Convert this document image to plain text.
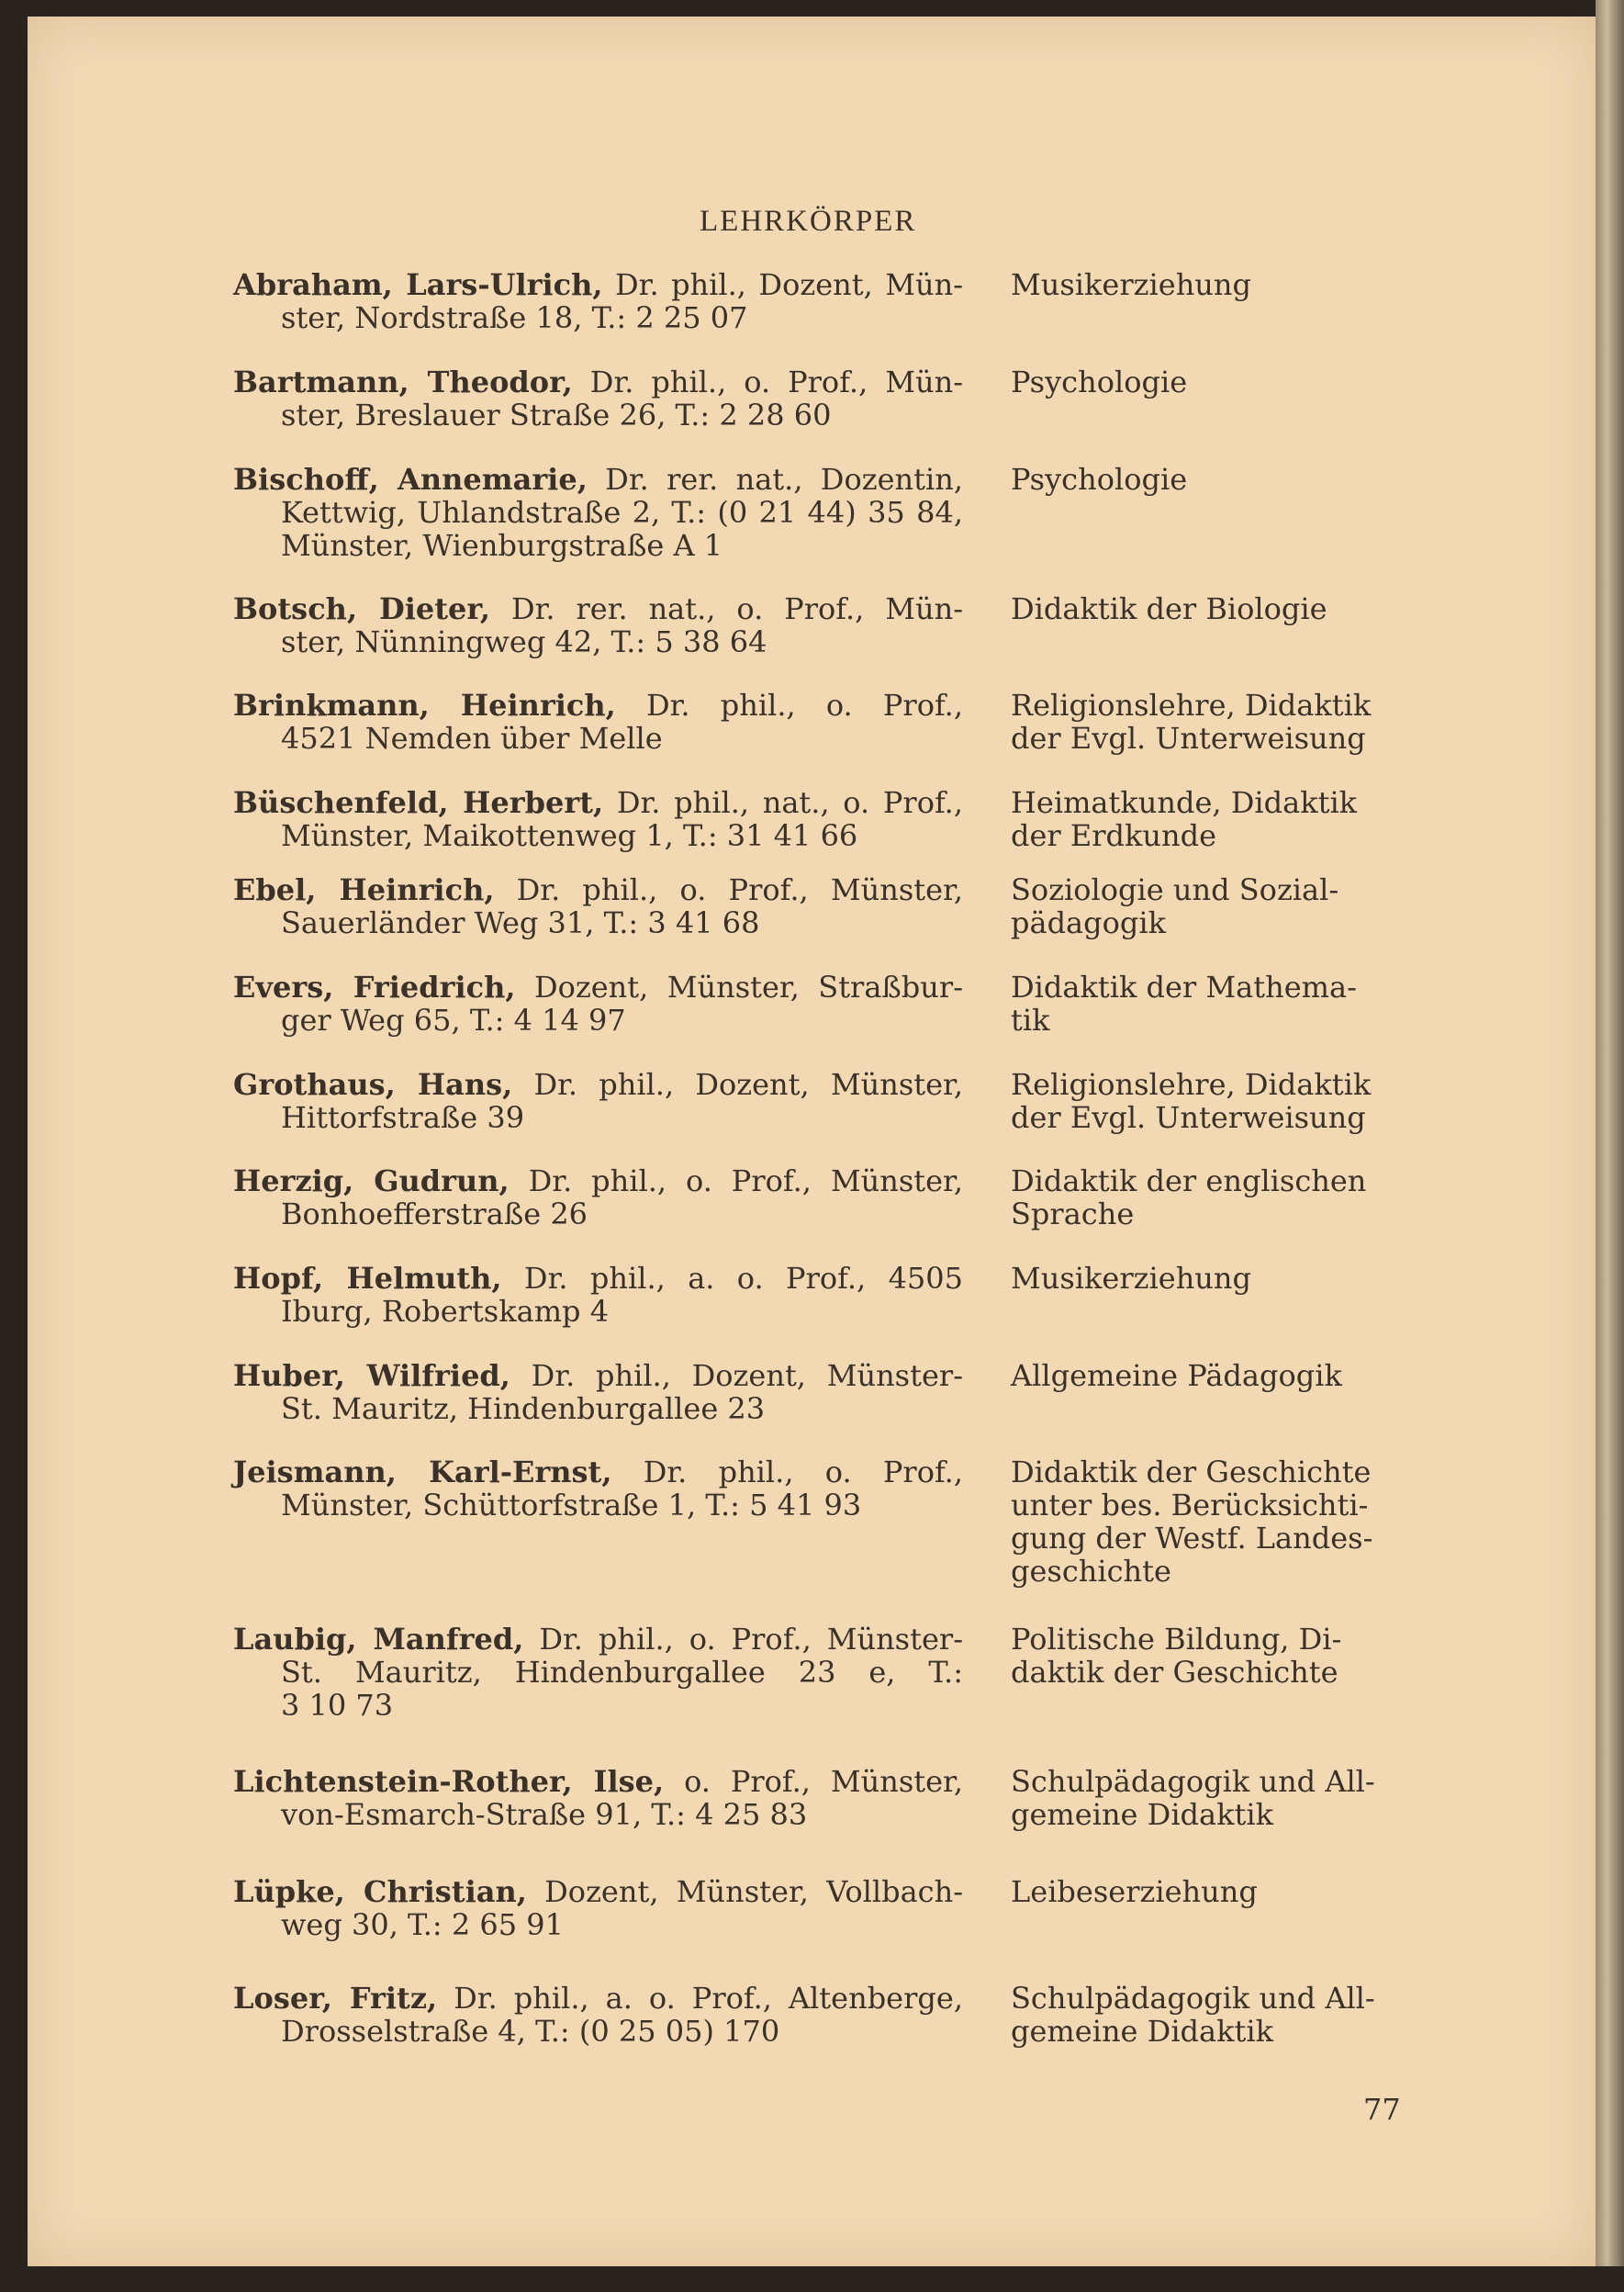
LEHRKÖRPER
Abraham, Lars-Ulrich, Dr. phil., Dozent, Mün-
ster, Nordstraße 18, T.: 2 25 07
Musikerziehung
Bartmann, Theodor, Dr. phil., o. Prof., Mün-
ster, Breslauer Straße 26, T.: 2 28 60
Psychologie
Bischoff, Annemarie, Dr. rer. nat., Dozentin,
Kettwig, Uhlandstraße 2, T.: (0 21 44) 35 84,
Münster, Wienburgstraße A 1
Psychologie
Botsch, Dieter, Dr. rer. nat., o. Prof., Mün-
ster, Nünningweg 42, T.: 5 38 64
Didaktik der Biologie
Brinkmann, Heinrich, Dr. phil., o. Prof.,
4521 Nemden über Melle
Religionslehre, Didaktik
der Evgl. Unterweisung
Büschenfeld, Herbert, Dr. phil., nat., o. Prof.,
Münster, Maikottenweg 1, T.: 31 41 66
Heimatkunde, Didaktik
der Erdkunde
Ebel, Heinrich, Dr. phil., o. Prof., Münster,
Sauerländer Weg 31, T.: 3 41 68
Soziologie und Sozial-
pädagogik
Evers, Friedrich, Dozent, Münster, Straßbur-
ger Weg 65, T.: 4 14 97
Didaktik der Mathema-
tik
Grothaus, Hans, Dr. phil., Dozent, Münster,
Hittorfstraße 39
Religionslehre, Didaktik
der Evgl. Unterweisung
Herzig, Gudrun, Dr. phil., o. Prof., Münster,
Bonhoefferstraße 26
Didaktik der englischen
Sprache
Hopf, Helmuth, Dr. phil., a. o. Prof., 4505
Iburg, Robertskamp 4
Musikerziehung
Huber, Wilfried, Dr. phil., Dozent, Münster-
St. Mauritz, Hindenburgallee 23
Allgemeine Pädagogik
Jeismann, Karl-Ernst, Dr. phil., o. Prof.,
Münster, Schüttorfstraße 1, T.: 5 41 93
Didaktik der Geschichte
unter bes. Berücksichti-
gung der Westf. Landes-
geschichte
Laubig, Manfred, Dr. phil., o. Prof., Münster-
St. Mauritz, Hindenburgallee 23 e, T.:
3 10 73
Politische Bildung, Di-
daktik der Geschichte
Lichtenstein-Rother, Ilse, o. Prof., Münster,
von-Esmarch-Straße 91, T.: 4 25 83
Schulpädagogik und All-
gemeine Didaktik
Lüpke, Christian, Dozent, Münster, Vollbach-
weg 30, T.: 2 65 91
Leibeserziehung
Loser, Fritz, Dr. phil., a. o. Prof., Altenberge,
Drosselstraße 4, T.: (0 25 05) 170
Schulpädagogik und All-
gemeine Didaktik
77
